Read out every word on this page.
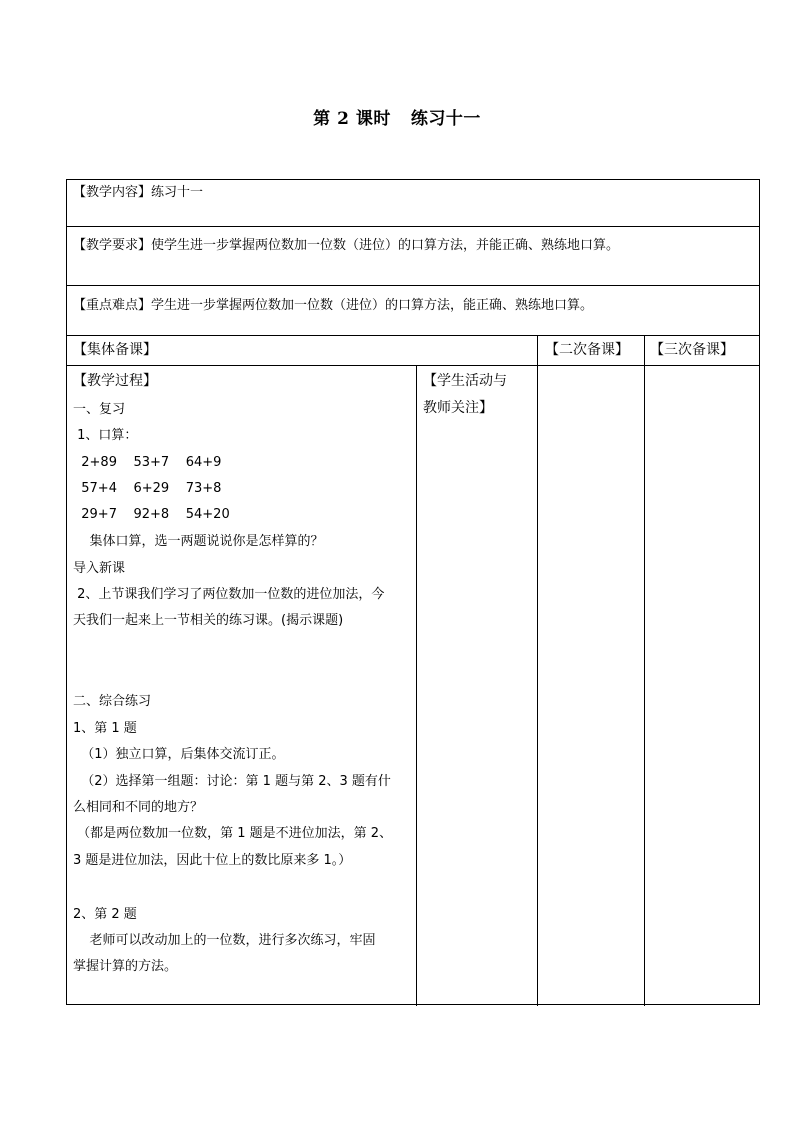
第 2 课时 练习十一
【教学内容】练习十一
【教学要求】使学生进一步掌握两位数加一位数（进位）的口算方法，并能正确、熟练地口算。
【重点难点】学生进一步掌握两位数加一位数（进位）的口算方法，能正确、熟练地口算。
【集体备课】	【二次备课】 【三次备课】
【教学过程】
一、复习
1、口算：
2+89    53+7    64+9
57+4    6+29    73+8
29+7    92+8    54+20
集体口算，选一两题说说你是怎样算的？
导入新课
2、上节课我们学习了两位数加一位数的进位加法，今
天我们一起来上一节相关的练习课。(揭示课题)
二、综合练习
1、第 1 题
（1）独立口算，后集体交流订正。
（2）选择第一组题：讨论：第 1 题与第 2、3 题有什
么相同和不同的地方？
（都是两位数加一位数，第 1 题是不进位加法，第 2、
3 题是进位加法，因此十位上的数比原来多 1。）
2、第 2 题
老师可以改动加上的一位数，进行多次练习，牢固
掌握计算的方法。
【学生活动与
教师关注】
